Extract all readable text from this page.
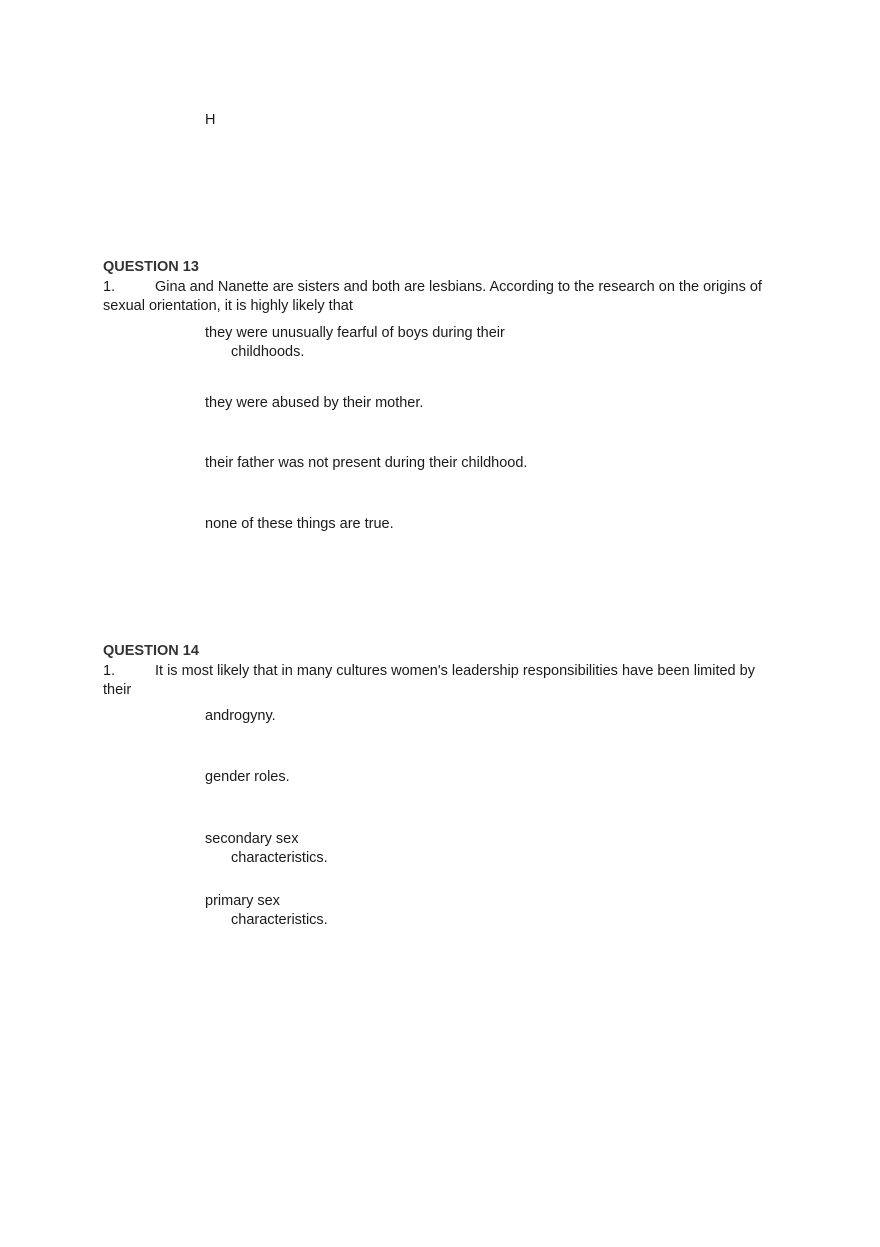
H
QUESTION 13
1.	Gina and Nanette are sisters and both are lesbians. According to the research on the origins of
sexual orientation, it is highly likely that
they were unusually fearful of boys during their
childhoods.
they were abused by their mother.
their father was not present during their childhood.
none of these things are true.
QUESTION 14
1.	It is most likely that in many cultures women's leadership responsibilities have been limited by
their
androgyny.
gender roles.
secondary sex
characteristics.
primary sex
characteristics.
